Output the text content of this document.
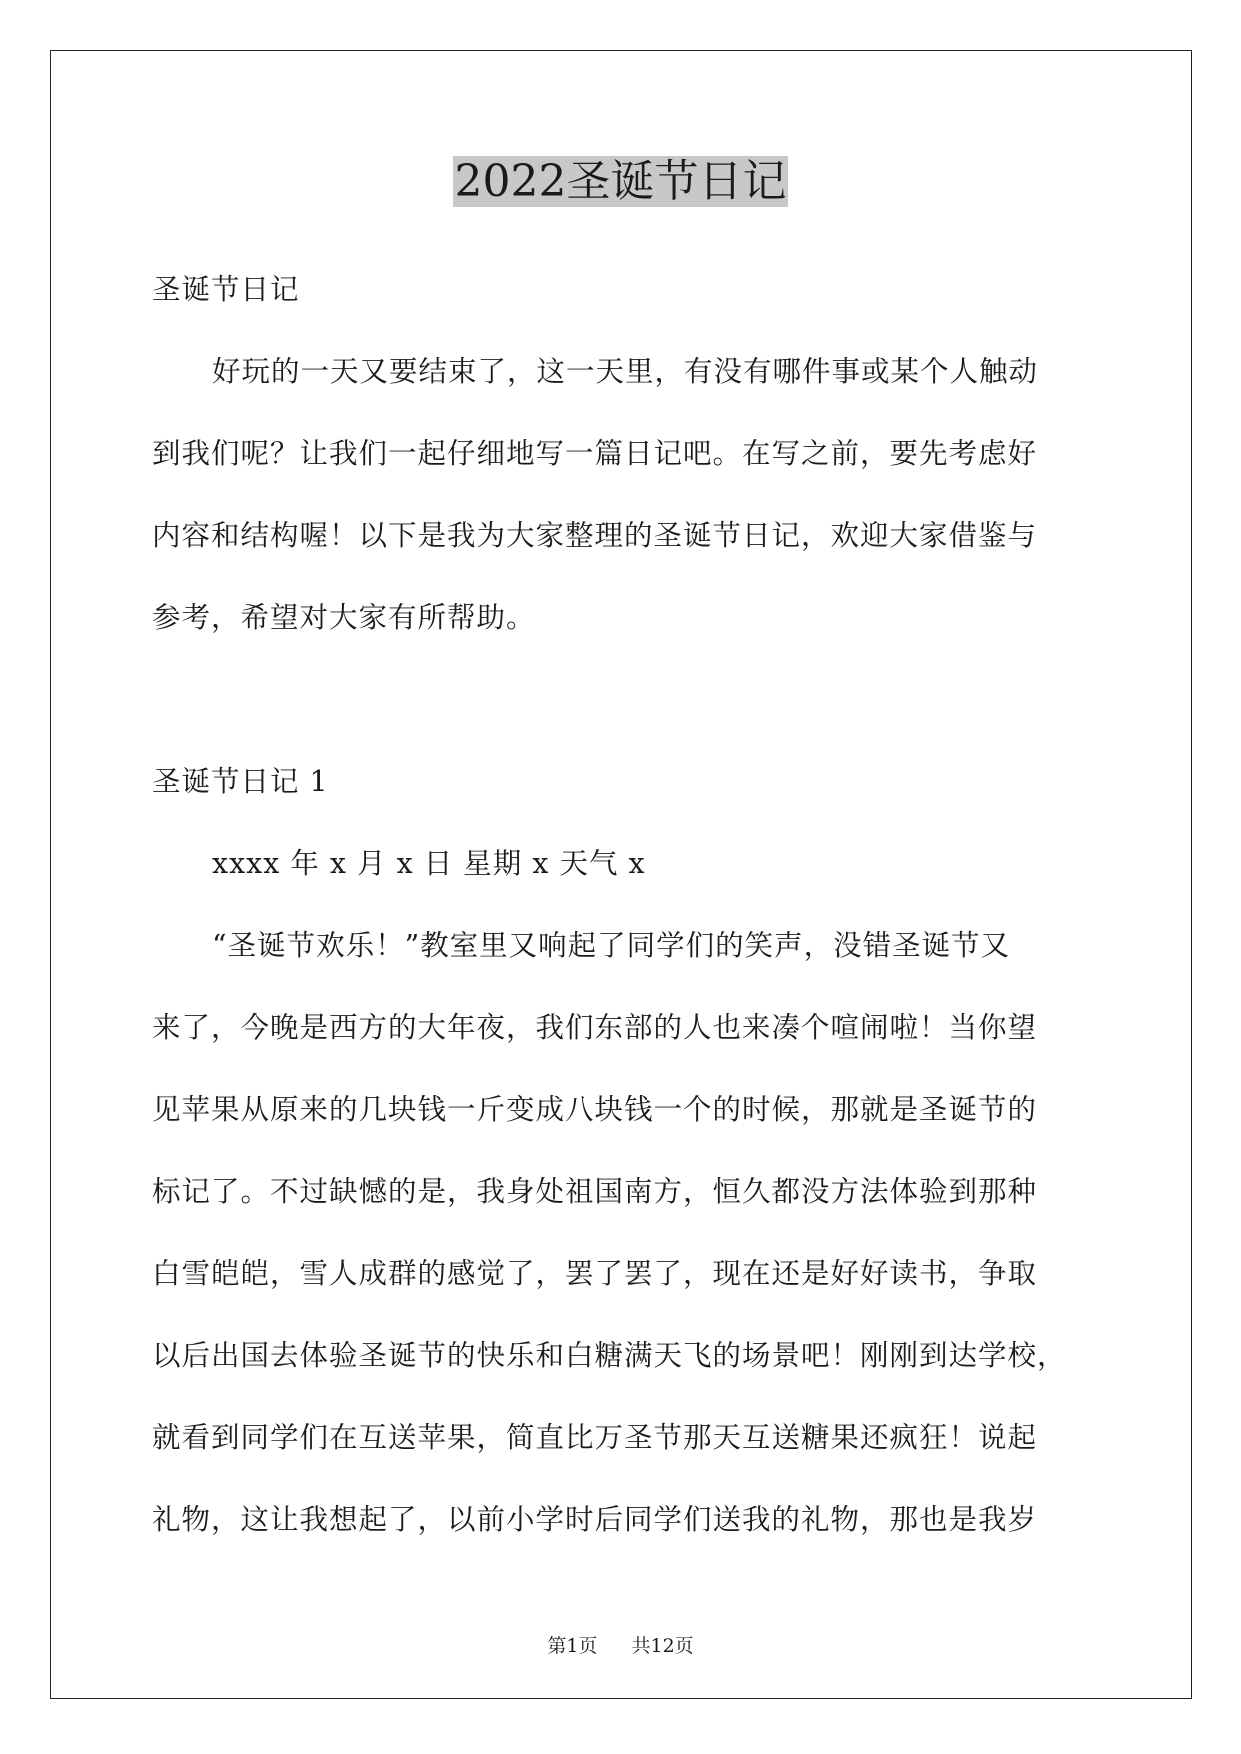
2022圣诞节日记
圣诞节日记
好玩的一天又要结束了，这一天里，有没有哪件事或某个人触动
到我们呢？让我们一起仔细地写一篇日记吧。在写之前，要先考虑好
内容和结构喔！以下是我为大家整理的圣诞节日记，欢迎大家借鉴与
参考，希望对大家有所帮助。
圣诞节日记 1
xxxx 年 x 月 x 日 星期 x 天气 x
“圣诞节欢乐！”教室里又响起了同学们的笑声，没错圣诞节又
来了，今晚是西方的大年夜，我们东部的人也来凑个喧闹啦！当你望
见苹果从原来的几块钱一斤变成八块钱一个的时候，那就是圣诞节的
标记了。不过缺憾的是，我身处祖国南方，恒久都没方法体验到那种
白雪皑皑，雪人成群的感觉了，罢了罢了，现在还是好好读书，争取
以后出国去体验圣诞节的快乐和白糖满天飞的场景吧！刚刚到达学校，
就看到同学们在互送苹果，简直比万圣节那天互送糖果还疯狂！说起
礼物，这让我想起了，以前小学时后同学们送我的礼物，那也是我岁
第1页 共12页
